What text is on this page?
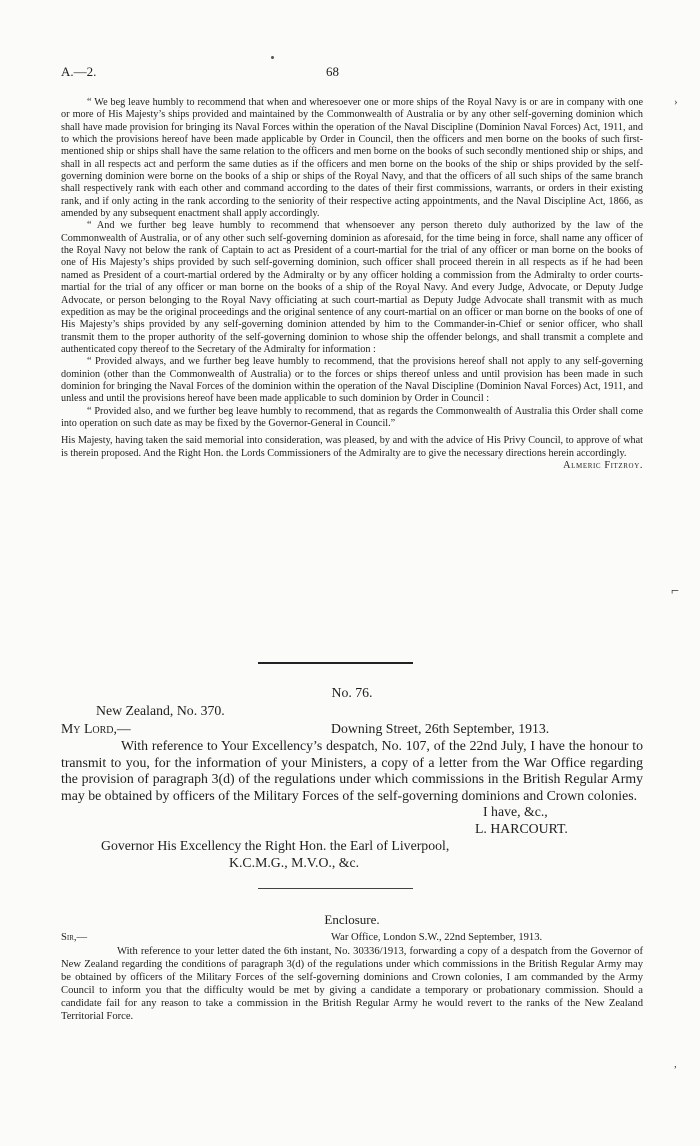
A.—2.	68
›
⌐
,

“ We beg leave humbly to recommend that when and wheresoever one or more ships of the Royal Navy is or are in company with one or more of His Majesty’s ships provided and maintained by the Commonwealth of Australia or by any other self-governing dominion which shall have made provision for bringing its Naval Forces within the operation of the Naval Discipline (Dominion Naval Forces) Act, 1911, and to which the provisions hereof have been made applicable by Order in Council, then the officers and men borne on the books of such first-mentioned ship or ships shall have the same relation to the officers and men borne on the books of such secondly mentioned ship or ships, and shall in all respects act and perform the same duties as if the officers and men borne on the books of the ship or ships provided by the self-governing dominion were borne on the books of a ship or ships of the Royal Navy, and that the officers of all such ships of the same branch shall respectively rank with each other and command according to the dates of their first commissions, warrants, or orders in their existing rank, and if only acting in the rank according to the seniority of their respective acting appointments, and the Naval Discipline Act, 1866, as amended by any subsequent enactment shall apply accordingly.

“ And we further beg leave humbly to recommend that whensoever any person thereto duly authorized by the law of the Commonwealth of Australia, or of any other such self-governing dominion as aforesaid, for the time being in force, shall name any officer of the Royal Navy not below the rank of Captain to act as President of a court-martial for the trial of any officer or man borne on the books of one of His Majesty’s ships provided by such self-governing dominion, such officer shall proceed therein in all respects as if he had been named as President of a court-martial ordered by the Admiralty or by any officer holding a commission from the Admiralty to order courts-martial for the trial of any officer or man borne on the books of a ship of the Royal Navy. And every Judge, Advocate, or Deputy Judge Advocate, or person belonging to the Royal Navy officiating at such court-martial as Deputy Judge Advocate shall transmit with as much expedition as may be the original proceedings and the original sentence of any court-martial on an officer or man borne on the books of one of His Majesty’s ships provided by any self-governing dominion attended by him to the Commander-in-Chief or senior officer, who shall transmit them to the proper authority of the self-governing dominion to whose ship the offender belongs, and shall transmit a complete and authenticated copy thereof to the Secretary of the Admiralty for information :

“ Provided always, and we further beg leave humbly to recommend, that the provisions hereof shall not apply to any self-governing dominion (other than the Commonwealth of Australia) or to the forces or ships thereof unless and until provision has been made in such dominion for bringing the Naval Forces of the dominion within the operation of the Naval Discipline (Dominion Naval Forces) Act, 1911, and unless and until the provisions hereof have been made applicable to such dominion by Order in Council :

“ Provided also, and we further beg leave humbly to recommend, that as regards the Commonwealth of Australia this Order shall come into operation on such date as may be fixed by the Governor-General in Council.”

His Majesty, having taken the said memorial into consideration, was pleased, by and with the advice of His Privy Council, to approve of what is therein proposed. And the Right Hon. the Lords Commissioners of the Admiralty are to give the necessary directions herein accordingly.

Almeric Fitzroy.
No. 76.
New Zealand, No. 370.
My Lord,—	Downing Street, 26th September, 1913.

With reference to Your Excellency’s despatch, No. 107, of the 22nd July, I have the honour to transmit to you, for the information of your Ministers, a copy of a letter from the War Office regarding the provision of paragraph 3(d) of the regulations under which commissions in the British Regular Army may be obtained by officers of the Military Forces of the self-governing dominions and Crown colonies.

I have, &c.,
L. HARCOURT.
Governor His Excellency the Right Hon. the Earl of Liverpool,
K.C.M.G., M.V.O., &c.
Enclosure.
Sir,—	War Office, London S.W., 22nd September, 1913.

With reference to your letter dated the 6th instant, No. 30336/1913, forwarding a copy of a despatch from the Governor of New Zealand regarding the conditions of paragraph 3(d) of the regulations under which commissions in the British Regular Army may be obtained by officers of the Military Forces of the self-governing dominions and Crown colonies, I am commanded by the Army Council to inform you that the difficulty would be met by giving a candidate a temporary or probationary commission. Should a candidate fail for any reason to take a commission in the British Regular Army he would revert to the ranks of the New Zealand Territorial Force.
